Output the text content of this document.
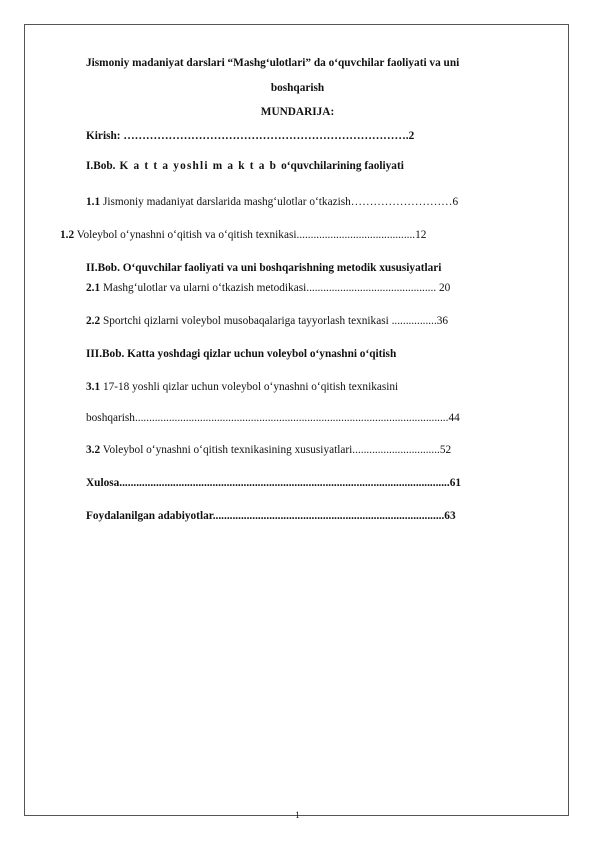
Jismoniy madaniyat darslari “Mashg‘ulotlari” da o‘quvchilar faoliyati va uni
boshqarish
MUNDARIJA:
Kirish: ………………………………………………………………….2
I.Bob. K a t t a yoshli m a k t a b o‘quvchilarining faoliyati
1.1 Jismoniy madaniyat darslarida mashg‘ulotlar o‘tkazish………………………6
1.2 Voleybol o‘ynashni o‘qitish va o‘qitish texnikasi..........................................12
II.Bob. O‘quvchilar faoliyati va uni boshqarishning metodik xususiyatlari
2.1 Mashg‘ulotlar va ularni o‘tkazish metodikasi.............................................. 20
2.2 Sportchi qizlarni voleybol musobaqalariga tayyorlash texnikasi ................36
III.Bob. Katta yoshdagi qizlar uchun voleybol o‘ynashni o‘qitish
3.1 17-18 yoshli qizlar uchun voleybol o‘ynashni o‘qitish texnikasini
boshqarish...............................................................................................................44
3.2 Voleybol o‘ynashni o‘qitish texnikasining xususiyatlari...............................52
Xulosa.....................................................................................................................61
Foydalanilgan adabiyotlar..................................................................................63
1
